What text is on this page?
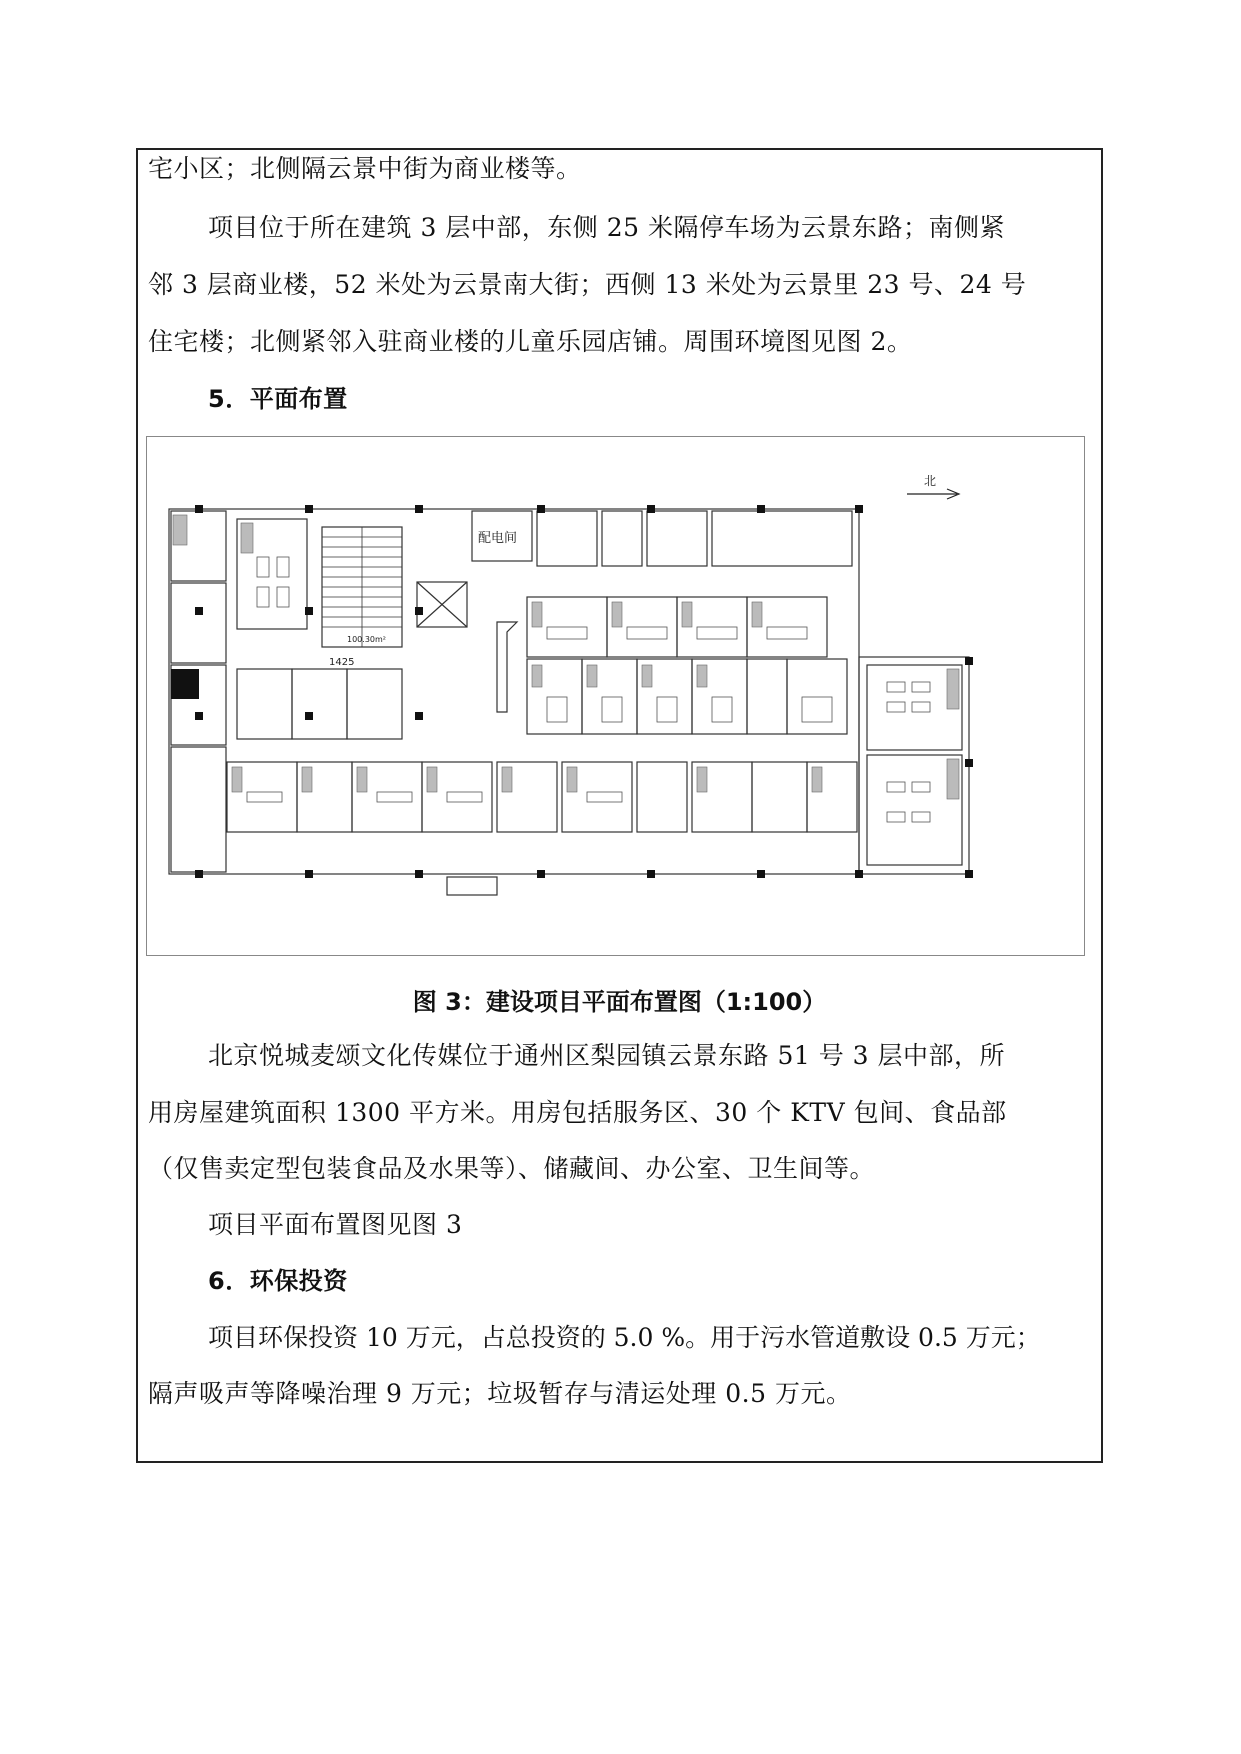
宅小区；北侧隔云景中街为商业楼等。
项目位于所在建筑 3 层中部，东侧 25 米隔停车场为云景东路；南侧紧
邻 3 层商业楼，52 米处为云景南大街；西侧 13 米处为云景里 23 号、24 号
住宅楼；北侧紧邻入驻商业楼的儿童乐园店铺。周围环境图见图 2。
5．平面布置
北
配电间
1425
100.30m²
图 3：建设项目平面布置图（1:100）
北京悦城麦颂文化传媒位于通州区梨园镇云景东路 51 号 3 层中部，所
用房屋建筑面积 1300 平方米。用房包括服务区、30 个 KTV 包间、食品部
（仅售卖定型包装食品及水果等）、储藏间、办公室、卫生间等。
项目平面布置图见图 3
6．环保投资
项目环保投资 10 万元，占总投资的 5.0 %。用于污水管道敷设 0.5 万元；
隔声吸声等降噪治理 9 万元；垃圾暂存与清运处理 0.5 万元。
